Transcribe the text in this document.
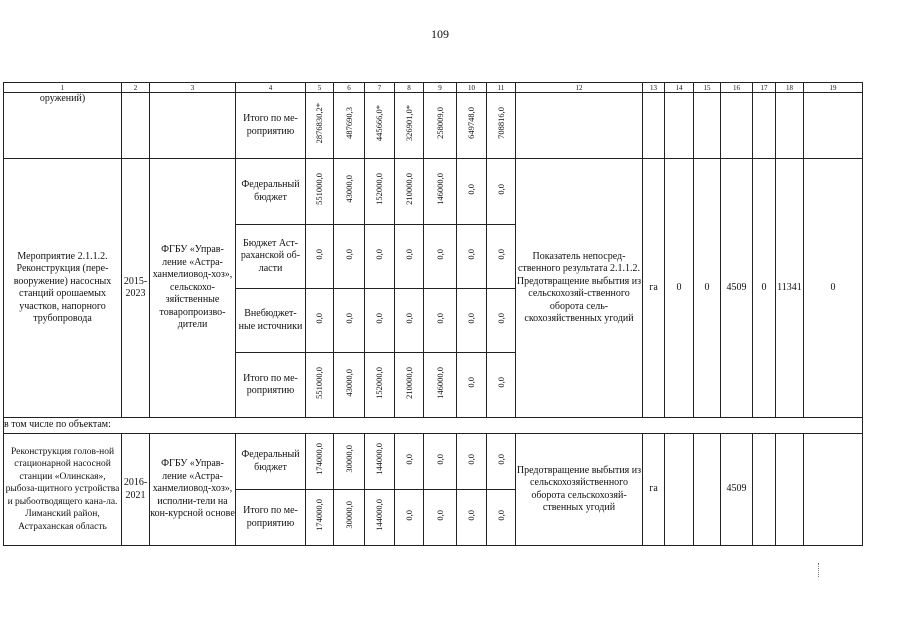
109
1	2	3	4	5	6	7	8	9	10	11	12	13	14	15	16	17	18	19
оружений)			Итого по ме-роприятию	2876830,2*	487690,3	445666,0*	326901,0*	258009,0	649748,0	708816,0								
Мероприятие 2.1.1.2. Реконструкция (пере-вооружение) насосных станций орошаемых участков, напорного трубопровода	2015-2023	ФГБУ «Управ-ление «Астра-ханмелиовод-хоз», сельскохо-зяйственные товаропроизво-дители	Федеральный бюджет	551000,0	43000,0	152000,0	210000,0	146000,0	0,0	0,0	Показатель непосред-ственного результата 2.1.1.2. Предотвращение выбытия из сельскохозяй-ственного оборота сель-скохозяйственных угодий	га	0	0	4509	0	11341	0
			Бюджет Аст-раханской об-ласти	0,0	0,0	0,0	0,0	0,0	0,0	0,0								
			Внебюджет-ные источники	0,0	0,0	0,0	0,0	0,0	0,0	0,0								
			Итого по ме-роприятию	551000,0	43000,0	152000,0	210000,0	146000,0	0,0	0,0								
в том числе по объектам:																		
Реконструкция голов-ной стационарной насосной станции «Олинская», рыбоза-щитного устройства и рыбоотводящего кана-ла. Лиманский район, Астраханская область	2016-2021	ФГБУ «Управ-ление «Астра-ханмелиовод-хоз», исполни-тели на кон-курсной основе	Федеральный бюджет	174000,0	30000,0	144000,0	0,0	0,0	0,0	0,0	Предотвращение выбытия из сельскохозяйственного оборота сельскохозяй-ственных угодий	га			4509			
			Итого по ме-роприятию	174000,0	30000,0	144000,0	0,0	0,0	0,0	0,0								
